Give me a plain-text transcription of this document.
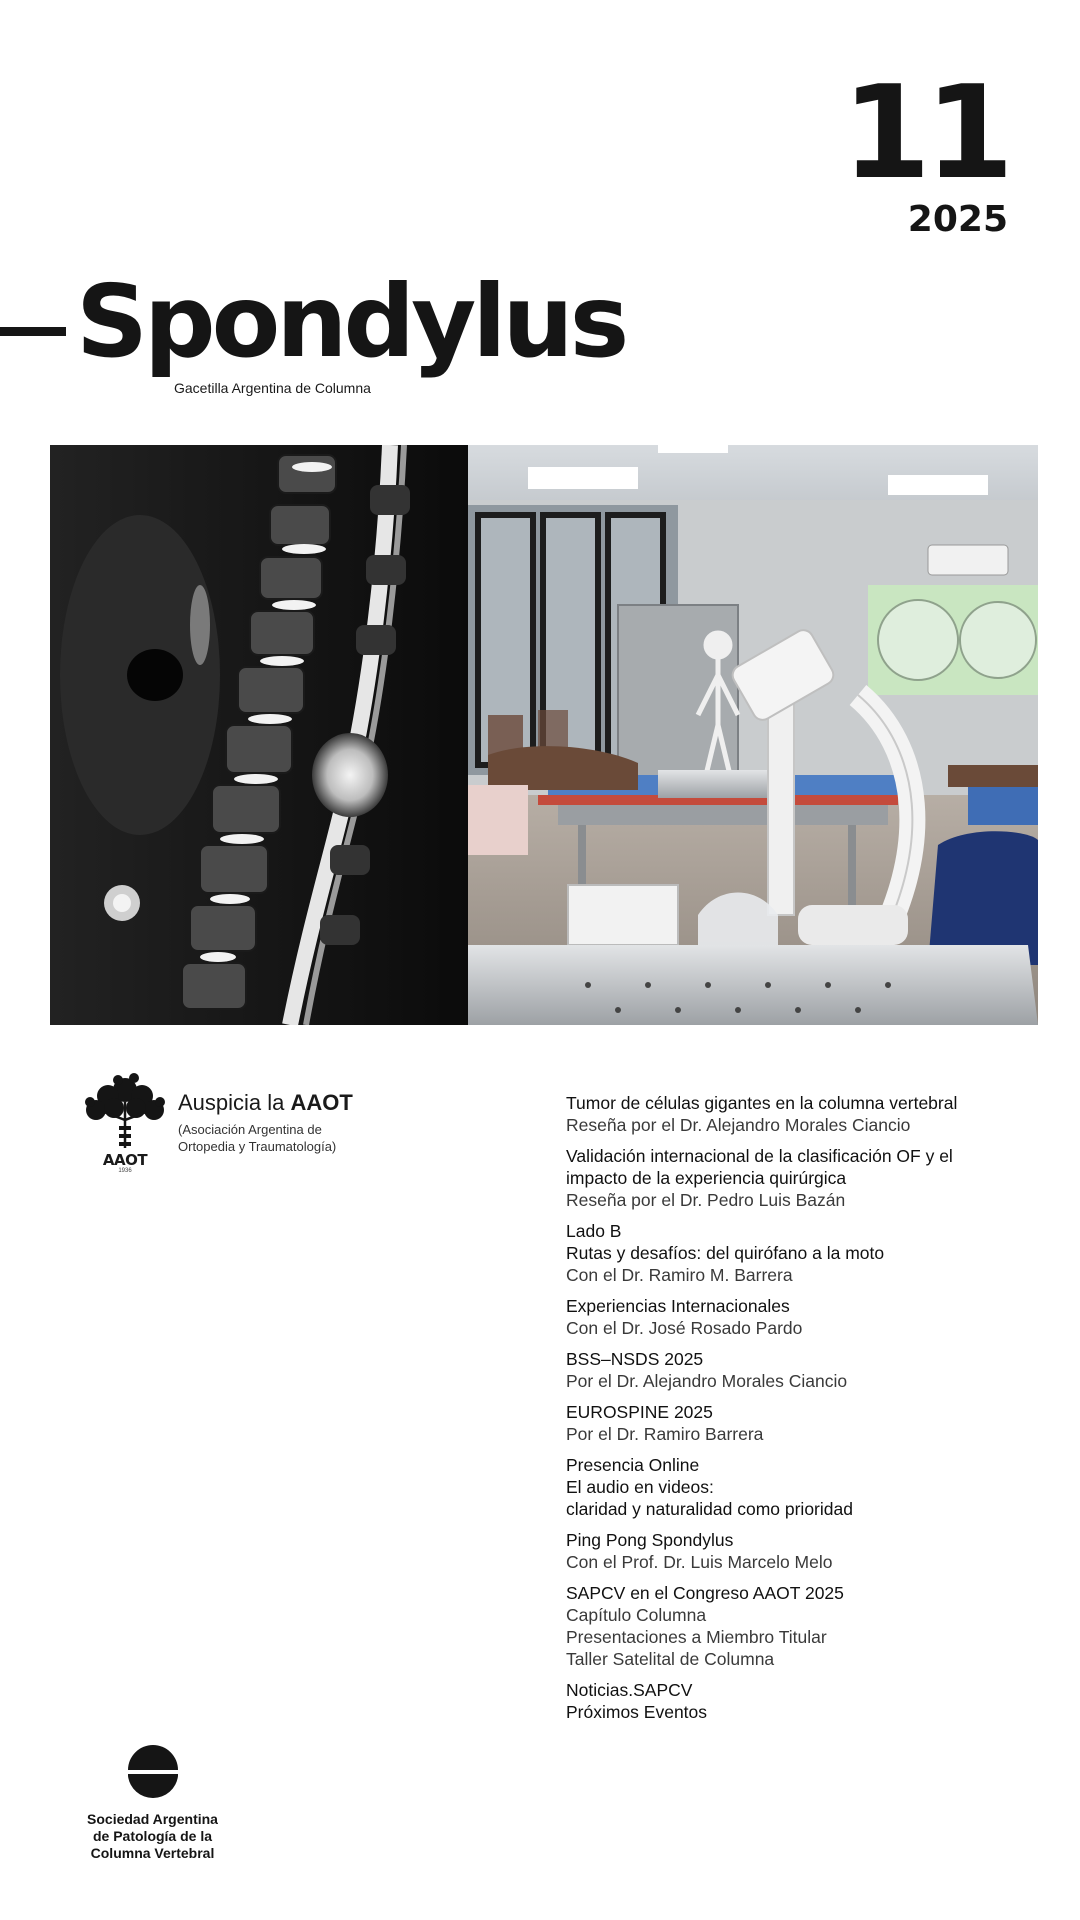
11
2025
Spondylus
Gacetilla Argentina de Columna
AAOT
1936
Auspicia la AAOT
(Asociación Argentina de
Ortopedia y Traumatología)
Tumor de células gigantes en la columna vertebral
Reseña por el Dr. Alejandro Morales Ciancio
Validación internacional de la clasificación OF y el
impacto de la experiencia quirúrgica
Reseña por el Dr. Pedro Luis Bazán
Lado B
Rutas y desafíos: del quirófano a la moto
Con el Dr. Ramiro M. Barrera
Experiencias Internacionales
Con el Dr. José Rosado Pardo
BSS–NSDS 2025
Por el Dr. Alejandro Morales Ciancio
EUROSPINE 2025
Por el Dr. Ramiro Barrera
Presencia Online
El audio en videos:
claridad y naturalidad como prioridad
Ping Pong Spondylus
Con el Prof. Dr. Luis Marcelo Melo
SAPCV en el Congreso AAOT 2025
Capítulo Columna
Presentaciones a Miembro Titular
Taller Satelital de Columna
Noticias.SAPCV
Próximos Eventos
Sociedad Argentina
de Patología de la
Columna Vertebral
